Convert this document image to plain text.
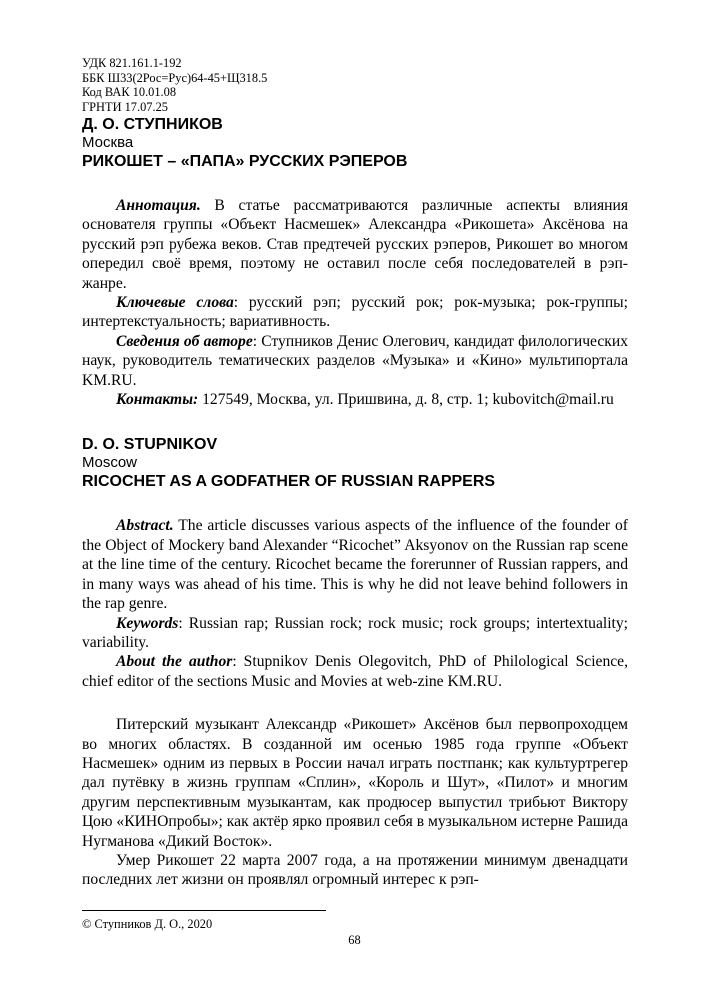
УДК 821.161.1-192
ББК Ш33(2Рос=Рус)64-45+Щ318.5
Код ВАК 10.01.08
ГРНТИ 17.07.25
Д. О. СТУПНИКОВ
Москва
РИКОШЕТ – «ПАПА» РУССКИХ РЭПЕРОВ

Аннотация. В статье рассматриваются различные аспекты влияния основателя группы «Объект Насмешек» Александра «Рикошета» Аксёнова на русский рэп рубежа веков. Став предтечей русских рэперов, Рикошет во многом опередил своё время, поэтому не оставил после себя последователей в рэп-жанре.

Ключевые слова: русский рэп; русский рок; рок-музыка; рок-группы; интертекстуальность; вариативность.

Сведения об авторе: Ступников Денис Олегович, кандидат филологических наук, руководитель тематических разделов «Музыка» и «Кино» мультипортала KM.RU.

Контакты: 127549, Москва, ул. Пришвина, д. 8, стр. 1; kubovitch@mail.ru

D. O. STUPNIKOV
Moscow
RICOCHET AS A GODFATHER OF RUSSIAN RAPPERS

Abstract. The article discusses various aspects of the influence of the founder of the Object of Mockery band Alexander “Ricochet” Aksyonov on the Russian rap scene at the line time of the century. Ricochet became the forerunner of Russian rappers, and in many ways was ahead of his time. This is why he did not leave behind followers in the rap genre.

Keywords: Russian rap; Russian rock; rock music; rock groups; intertextuality; variability.

About the author: Stupnikov Denis Olegovitch, PhD of Philological Science, chief editor of the sections Music and Movies at web-zine KM.RU.

Питерский музыкант Александр «Рикошет» Аксёнов был первопроходцем во многих областях. В созданной им осенью 1985 года группе «Объект Насмешек» одним из первых в России начал играть постпанк; как культуртрегер дал путёвку в жизнь группам «Сплин», «Король и Шут», «Пилот» и многим другим перспективным музыкантам, как продюсер выпустил трибьют Виктору Цою «КИНОпробы»; как актёр ярко проявил себя в музыкальном истерне Рашида Нугманова «Дикий Восток».

Умер Рикошет 22 марта 2007 года, а на протяжении минимум двенадцати последних лет жизни он проявлял огромный интерес к рэп-

© Ступников Д. О., 2020
68
